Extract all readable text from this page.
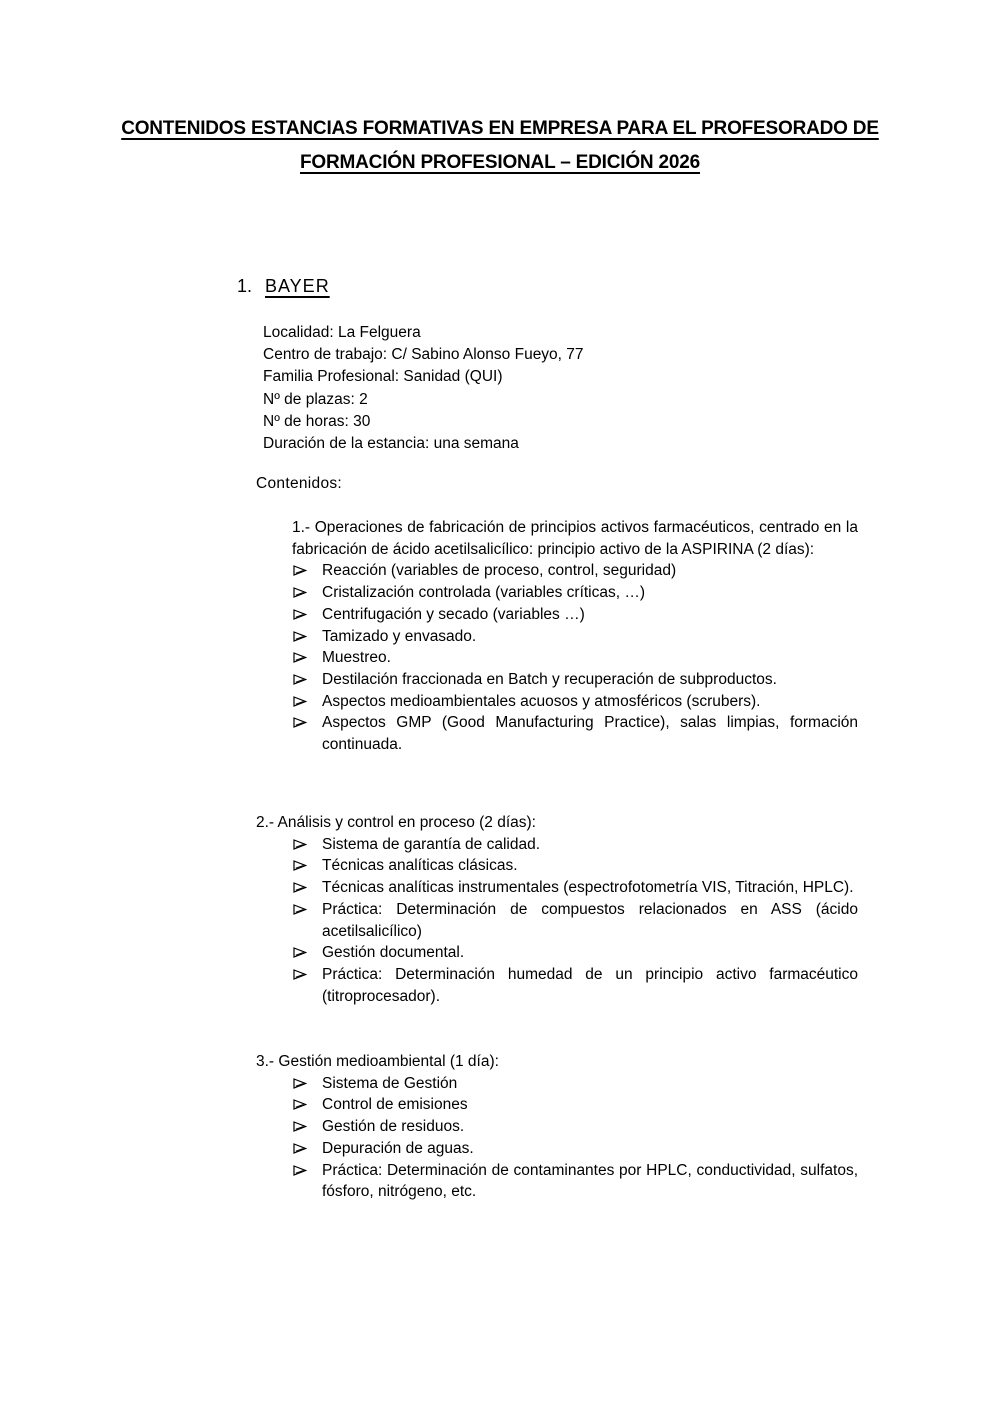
CONTENIDOS ESTANCIAS FORMATIVAS EN EMPRESA PARA EL PROFESORADO DE
FORMACIÓN PROFESIONAL – EDICIÓN 2026
1. BAYER
Localidad: La Felguera
Centro de trabajo: C/ Sabino Alonso Fueyo, 77
Familia Profesional: Sanidad (QUI)
Nº de plazas: 2
Nº de horas: 30
Duración de la estancia: una semana
Contenidos:
1.- Operaciones de fabricación de principios activos farmacéuticos, centrado en la fabricación de ácido acetilsalicílico: principio activo de la ASPIRINA (2 días):
Reacción (variables de proceso, control, seguridad)
Cristalización controlada (variables críticas, …)
Centrifugación y secado (variables …)
Tamizado y envasado.
Muestreo.
Destilación fraccionada en Batch y recuperación de subproductos.
Aspectos medioambientales acuosos y atmosféricos (scrubers).
Aspectos GMP (Good Manufacturing Practice), salas limpias, formación continuada.
2.- Análisis y control en proceso (2 días):
Sistema de garantía de calidad.
Técnicas analíticas clásicas.
Técnicas analíticas instrumentales (espectrofotometría VIS, Titración, HPLC).
Práctica: Determinación de compuestos relacionados en ASS (ácido acetilsalicílico)
Gestión documental.
Práctica: Determinación humedad de un principio activo farmacéutico (titroprocesador).
3.- Gestión medioambiental (1 día):
Sistema de Gestión
Control de emisiones
Gestión de residuos.
Depuración de aguas.
Práctica: Determinación de contaminantes por HPLC, conductividad, sulfatos, fósforo, nitrógeno, etc.
